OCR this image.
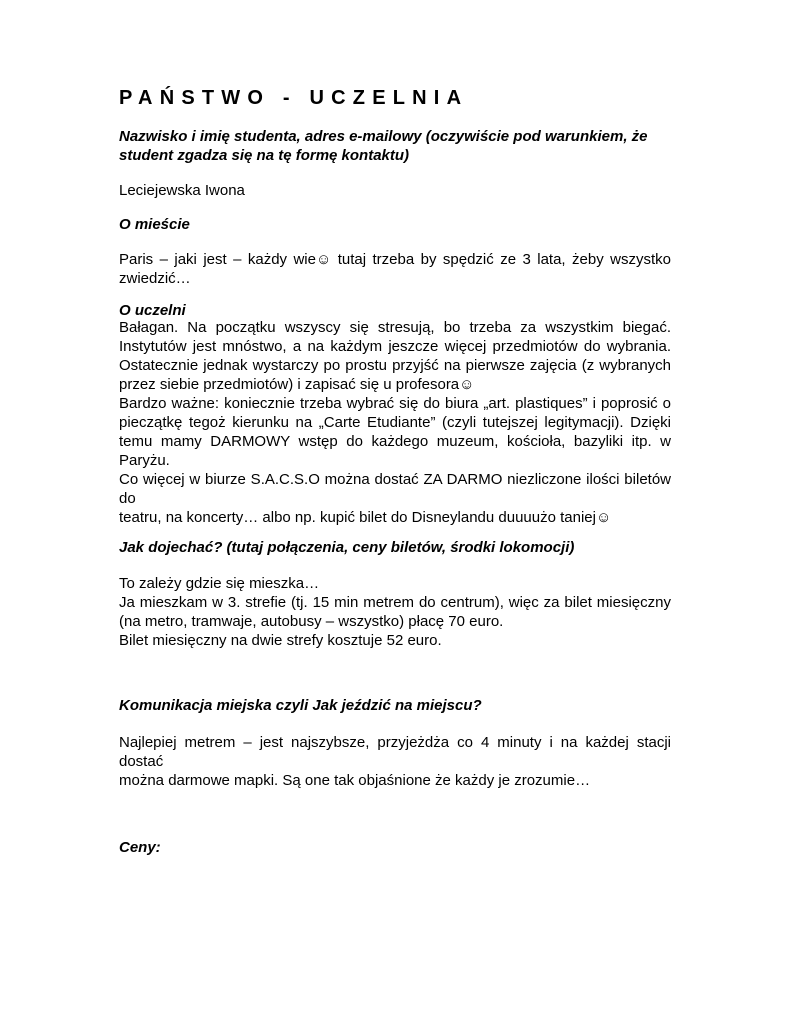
PAŃSTWO - UCZELNIA
Nazwisko i imię studenta, adres e-mailowy (oczywiście pod warunkiem, że
student zgadza się na tę formę kontaktu)
Leciejewska Iwona
O mieście
Paris – jaki jest – każdy wie☺ tutaj trzeba by spędzić ze 3 lata, żeby wszystko
zwiedzić…
O uczelni
Bałagan. Na początku wszyscy się stresują, bo trzeba za wszystkim biegać.
Instytutów jest mnóstwo, a na każdym jeszcze więcej przedmiotów do wybrania.
Ostatecznie jednak wystarczy po prostu przyjść na pierwsze zajęcia (z wybranych
przez siebie przedmiotów) i zapisać się u profesora☺
Bardzo ważne: koniecznie trzeba wybrać się do biura „art. plastiques” i poprosić o
pieczątkę tegoż kierunku na „Carte Etudiante” (czyli tutejszej legitymacji). Dzięki
temu mamy DARMOWY wstęp do każdego muzeum, kościoła, bazyliki itp. w Paryżu.
Co więcej w biurze S.A.C.S.O można dostać ZA DARMO niezliczone ilości biletów do
teatru, na koncerty… albo np. kupić bilet do Disneylandu duuuużo taniej☺
Jak dojechać? (tutaj połączenia, ceny biletów, środki lokomocji)
To zależy gdzie się mieszka…
Ja mieszkam w 3. strefie (tj. 15 min metrem do centrum), więc za bilet miesięczny
(na metro, tramwaje, autobusy – wszystko) płacę 70 euro.
Bilet miesięczny na dwie strefy kosztuje 52 euro.
Komunikacja miejska czyli Jak jeździć na miejscu?
Najlepiej metrem – jest najszybsze, przyjeżdża co 4 minuty i na każdej stacji dostać
można darmowe mapki. Są one tak objaśnione że każdy je zrozumie…
Ceny:
